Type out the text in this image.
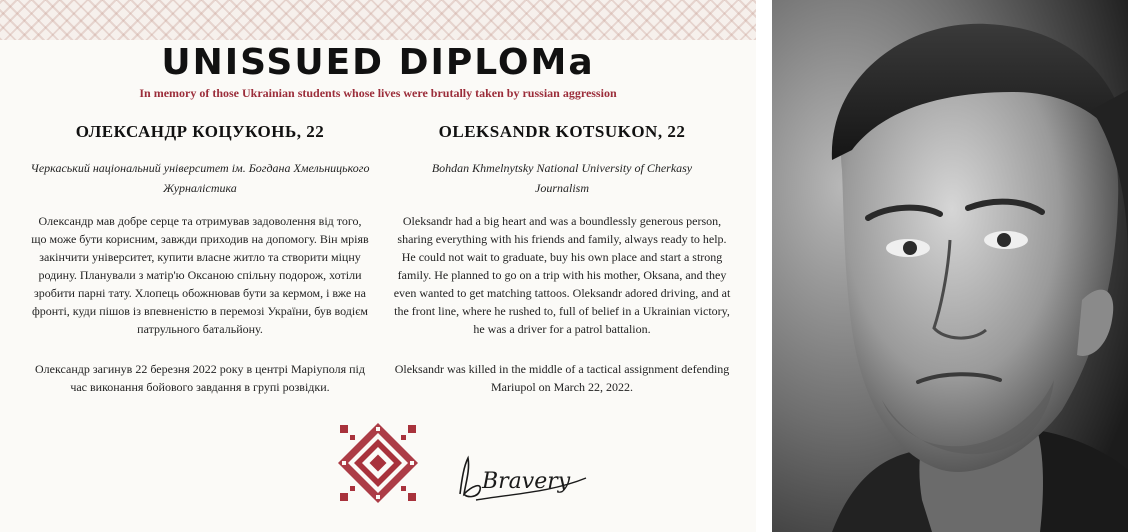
UNISSUED DIPLOMa
In memory of those Ukrainian students whose lives were brutally taken by russian aggression
ОЛЕКСАНДР КОЦУКОНЬ, 22
Черкаський національний університет ім. Богдана Хмельницького
Журналістика
Олександр мав добре серце та отримував задоволення від того, що може бути корисним, завжди приходив на допомогу. Він мріяв закінчити університет, купити власне житло та створити міцну родину. Планували з матір'ю Оксаною спільну подорож, хотіли зробити парні тату. Хлопець обожнював бути за кермом, і вже на фронті, куди пішов із впевненістю в перемозі України, був водієм патрульного батальйону.
Олександр загинув 22 березня 2022 року в центрі Маріуполя під час виконання бойового завдання в групі розвідки.
OLEKSANDR KOTSUKON, 22
Bohdan Khmelnytsky National University of Cherkasy
Journalism
Oleksandr had a big heart and was a boundlessly generous person, sharing everything with his friends and family, always ready to help. He could not wait to graduate, buy his own place and start a strong family. He planned to go on a trip with his mother, Oksana, and they even wanted to get matching tattoos. Oleksandr adored driving, and at the front line, where he rushed to, full of belief in a Ukrainian victory, he was a driver for a patrol battalion.
Oleksandr was killed in the middle of a tactical assignment defending Mariupol on March 22, 2022.
Bravery
